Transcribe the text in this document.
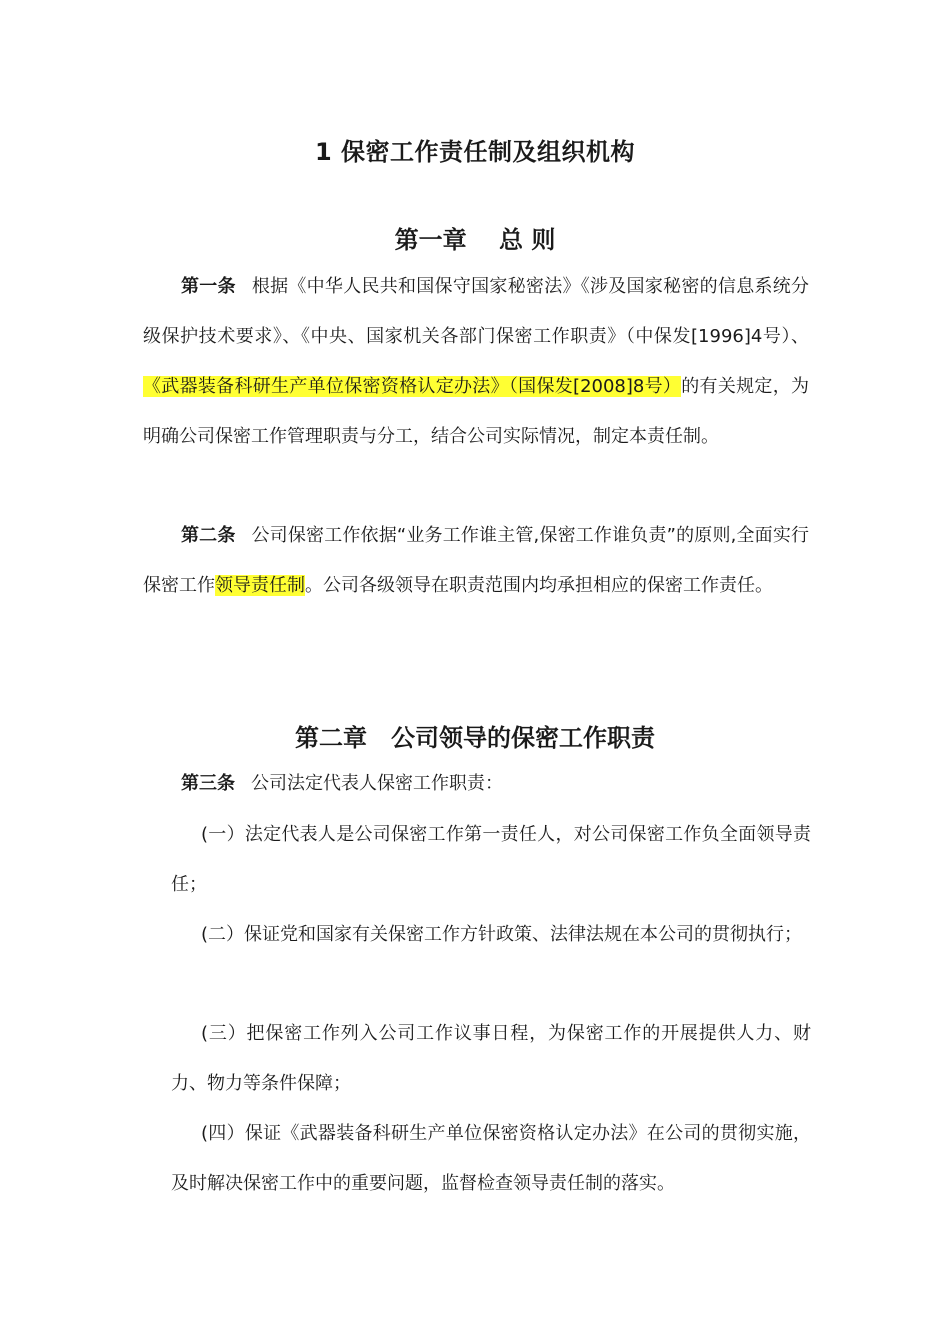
1 保密工作责任制及组织机构
第一章　 总 则

第一条 根据《中华人民共和国保守国家秘密法》《涉及国家秘密的信息系统分级保护技术要求》、《中央、国家机关各部门保密工作职责》（中保发[1996]4号）、《武器装备科研生产单位保密资格认定办法》（国保发[2008]8号）的有关规定，为明确公司保密工作管理职责与分工，结合公司实际情况，制定本责任制。

第二条 公司保密工作依据“业务工作谁主管,保密工作谁负责”的原则,全面实行保密工作领导责任制。公司各级领导在职责范围内均承担相应的保密工作责任。

第二章　公司领导的保密工作职责

第三条 公司法定代表人保密工作职责：

(一）法定代表人是公司保密工作第一责任人，对公司保密工作负全面领导责任；

(二）保证党和国家有关保密工作方针政策、法律法规在本公司的贯彻执行；

(三）把保密工作列入公司工作议事日程，为保密工作的开展提供人力、财力、物力等条件保障；

(四）保证《武器装备科研生产单位保密资格认定办法》在公司的贯彻实施，及时解决保密工作中的重要问题，监督检查领导责任制的落实。
